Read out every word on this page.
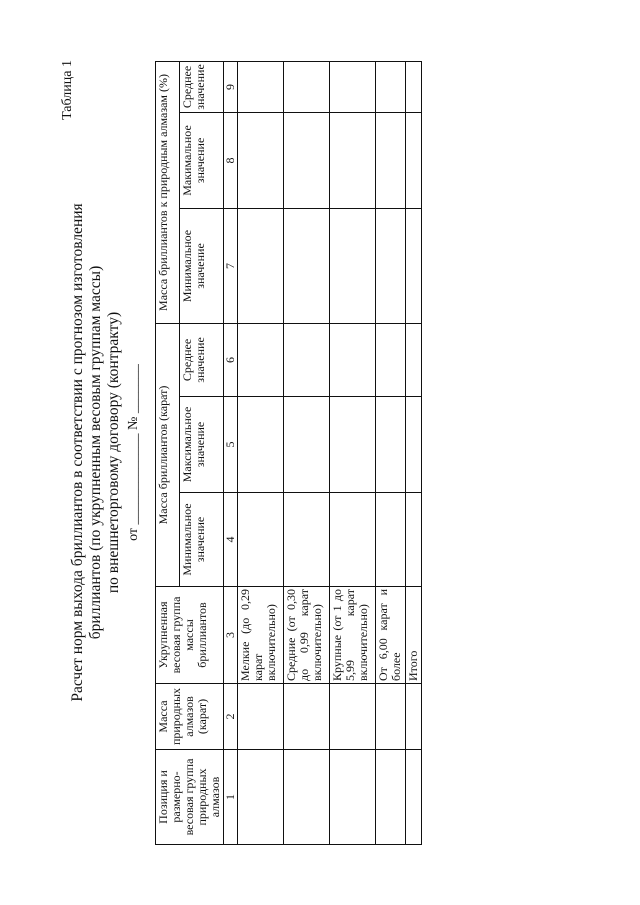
Таблица 1
Расчет норм выхода бриллиантов в соответствии с прогнозом изготовления бриллиантов (по укрупненным весовым группам массы) по внешнеторговому договору (контракту) от _____________ № _______
Позиция и размерно-весовая группа природных алмазов	Масса природных алмазов (карат)	Укрупненная весовая группа массы бриллиантов	Масса бриллиантов (карат)			Масса бриллиантов к природным алмазам (%)		
			Минимальное значение	Максимальное значение	Среднее значение	Минимальное значение	Макимальное значение	Среднее значение
1	2	3	4	5	6	7	8	9
		Мелкие (до 0,29 карат включительно)						
		Средние (от 0,30 до 0,99 карат включительно)						
		Крупные (от 1 до 5,99 карат включительно)						
		От 6,00 карат и более						
		Итого						
